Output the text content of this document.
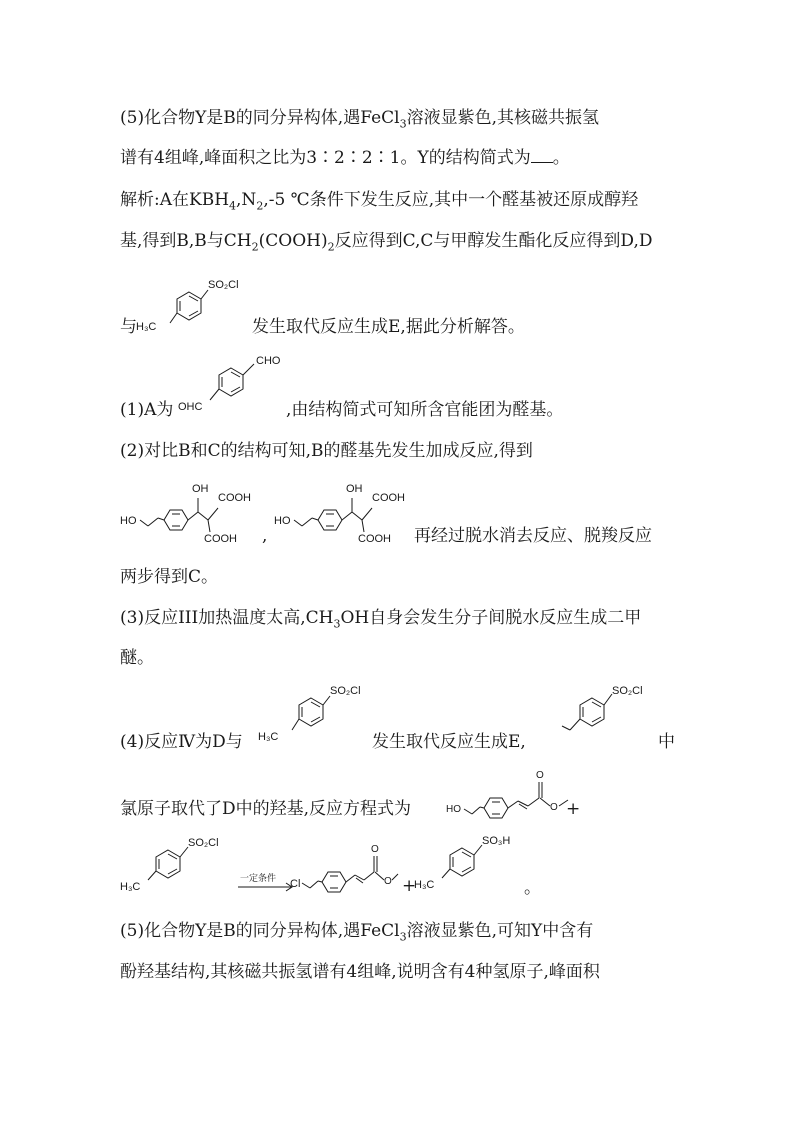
(5)化合物Y是B的同分异构体,遇FeCl$_3$溶液显紫色,其核磁共振氢
谱有4组峰,峰面积之比为3∶2∶2∶1。Y的结构简式为 。
解析:A在$KBH_4,N_2,-5$ ℃条件下发生反应,其中一个醛基被还原成醇羟
基,得到B,B与$CH_2(COOH)_2$反应得到C,C与甲醇发生酯化反应得到D,D
与	发生取代反应生成E,据此分析解答。
SO₂Cl
H₃C
(1)A为	,由结构简式可知所含官能团为醛基。
CHO
OHC
(2)对比B和C的结构可知,B的醛基先发生加成反应,得到
HO
OH
COOH
COOH ,
HO
OH
COOH
COOH 再经过脱水消去反应、脱羧反应
两步得到C。
(3)反应III加热温度太高$,CH_3OH$自身会发生分子间脱水反应生成二甲
醚。
(4)反应Ⅳ为D与
SO₂Cl
H₃C	发生取代反应生成E,
SO₂Cl
中
氯原子取代了D中的羟基,反应方程式为	HO
O
O +
SO₂Cl
H₃C
一定条件 Cl
O
O +
SO₃H
H₃C	。
(5)化合物Y是B的同分异构体,遇FeCl$_3$溶液显紫色,可知Y中含有
酚羟基结构,其核磁共振氢谱有4组峰,说明含有4种氢原子,峰面积
